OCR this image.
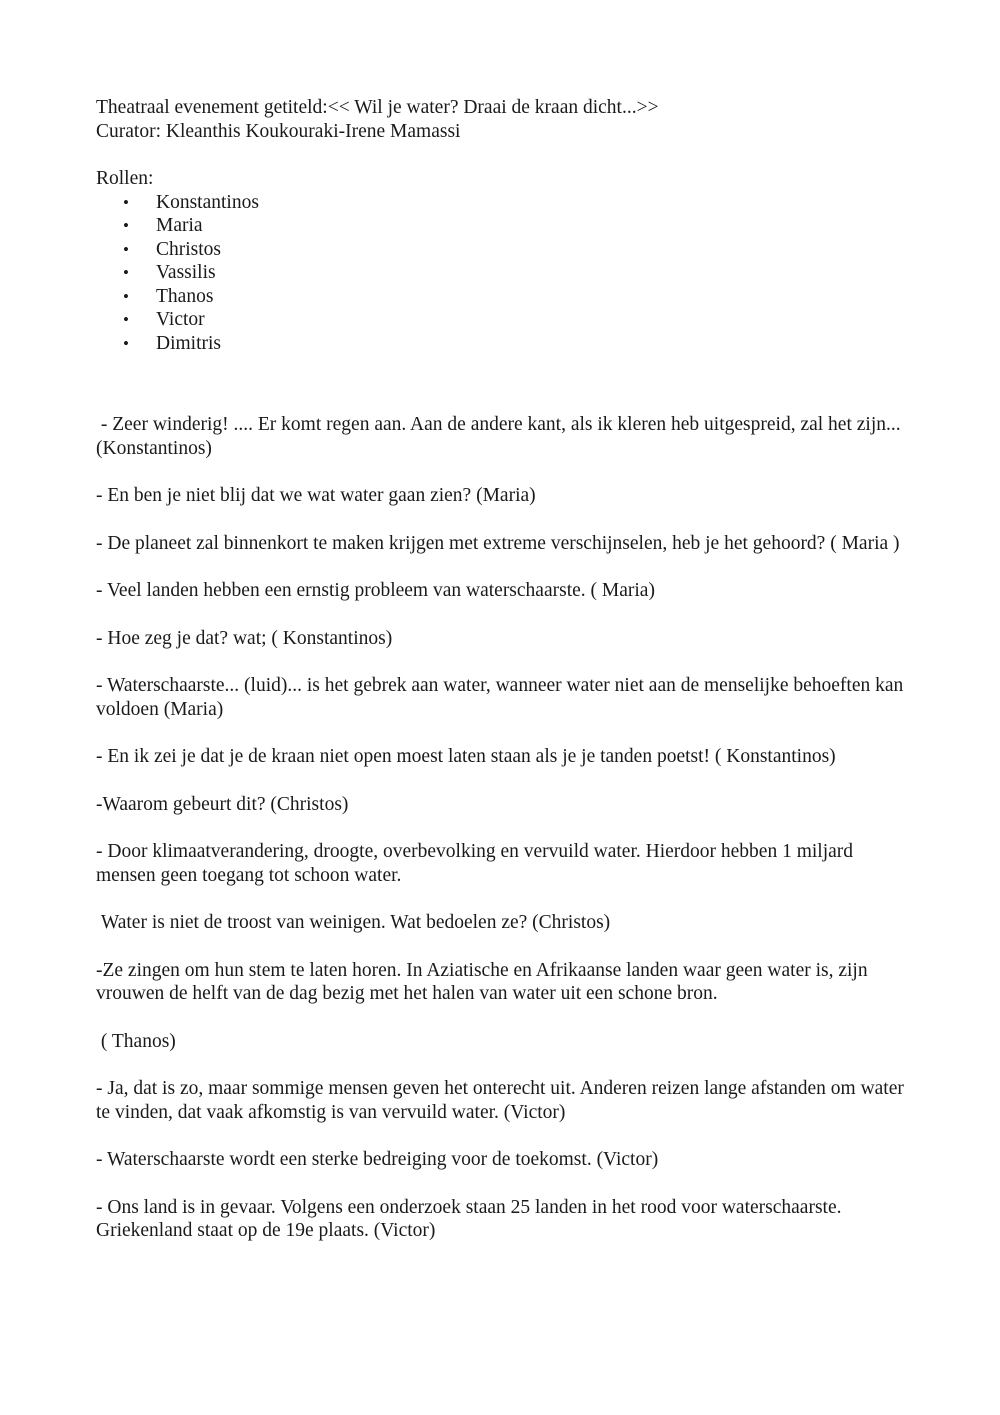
Theatraal evenement getiteld:<< Wil je water? Draai de kraan dicht...>>
Curator: Kleanthis Koukouraki-Irene Mamassi
Rollen:
• Konstantinos
• Maria
• Christos
• Vassilis
• Thanos
• Victor
• Dimitris

- Zeer winderig! .... Er komt regen aan. Aan de andere kant, als ik kleren heb uitgespreid, zal het zijn... (Konstantinos)

- En ben je niet blij dat we wat water gaan zien? (Maria)

- De planeet zal binnenkort te maken krijgen met extreme verschijnselen, heb je het gehoord? ( Maria )

- Veel landen hebben een ernstig probleem van waterschaarste. ( Maria)

- Hoe zeg je dat? wat; ( Konstantinos)

- Waterschaarste... (luid)... is het gebrek aan water, wanneer water niet aan de menselijke behoeften kan voldoen (Maria)

- En ik zei je dat je de kraan niet open moest laten staan als je je tanden poetst! ( Konstantinos)

-Waarom gebeurt dit? (Christos)

- Door klimaatverandering, droogte, overbevolking en vervuild water. Hierdoor hebben 1 miljard mensen geen toegang tot schoon water.

Water is niet de troost van weinigen. Wat bedoelen ze? (Christos)

-Ze zingen om hun stem te laten horen. In Aziatische en Afrikaanse landen waar geen water is, zijn vrouwen de helft van de dag bezig met het halen van water uit een schone bron.

( Thanos)

- Ja, dat is zo, maar sommige mensen geven het onterecht uit. Anderen reizen lange afstanden om water te vinden, dat vaak afkomstig is van vervuild water. (Victor)

- Waterschaarste wordt een sterke bedreiging voor de toekomst. (Victor)

- Ons land is in gevaar. Volgens een onderzoek staan 25 landen in het rood voor waterschaarste. Griekenland staat op de 19e plaats. (Victor)
